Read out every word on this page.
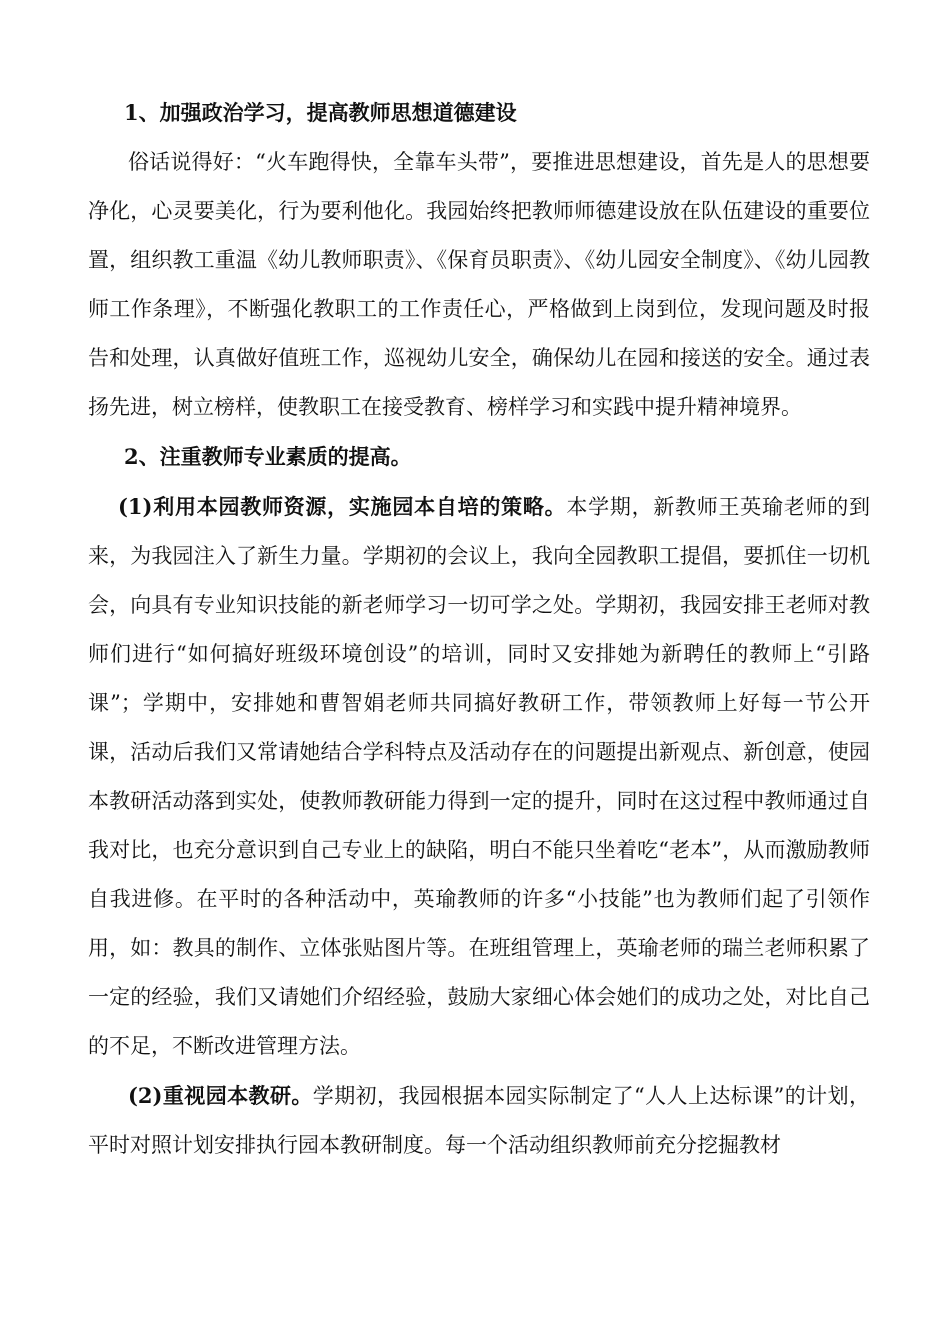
1、加强政治学习，提高教师思想道德建设

俗话说得好：“火车跑得快，全靠车头带”，要推进思想建设，首先是人的思想要净化，心灵要美化，行为要利他化。我园始终把教师师德建设放在队伍建设的重要位置，组织教工重温《幼儿教师职责》、《保育员职责》、《幼儿园安全制度》、《幼儿园教师工作条理》，不断强化教职工的工作责任心，严格做到上岗到位，发现问题及时报告和处理，认真做好值班工作，巡视幼儿安全，确保幼儿在园和接送的安全。通过表扬先进，树立榜样，使教职工在接受教育、榜样学习和实践中提升精神境界。

2、注重教师专业素质的提高。

(1)利用本园教师资源，实施园本自培的策略。本学期，新教师王英瑜老师的到来，为我园注入了新生力量。学期初的会议上，我向全园教职工提倡，要抓住一切机会，向具有专业知识技能的新老师学习一切可学之处。学期初，我园安排王老师对教师们进行“如何搞好班级环境创设”的培训，同时又安排她为新聘任的教师上“引路课”；学期中，安排她和曹智娟老师共同搞好教研工作，带领教师上好每一节公开课，活动后我们又常请她结合学科特点及活动存在的问题提出新观点、新创意，使园本教研活动落到实处，使教师教研能力得到一定的提升，同时在这过程中教师通过自我对比，也充分意识到自己专业上的缺陷，明白不能只坐着吃“老本”，从而激励教师自我进修。在平时的各种活动中，英瑜教师的许多“小技能”也为教师们起了引领作用，如：教具的制作、立体张贴图片等。在班组管理上，英瑜老师的瑞兰老师积累了一定的经验，我们又请她们介绍经验，鼓励大家细心体会她们的成功之处，对比自己的不足，不断改进管理方法。

(2)重视园本教研。学期初，我园根据本园实际制定了“人人上达标课”的计划，平时对照计划安排执行园本教研制度。每一个活动组织教师前充分挖掘教材
